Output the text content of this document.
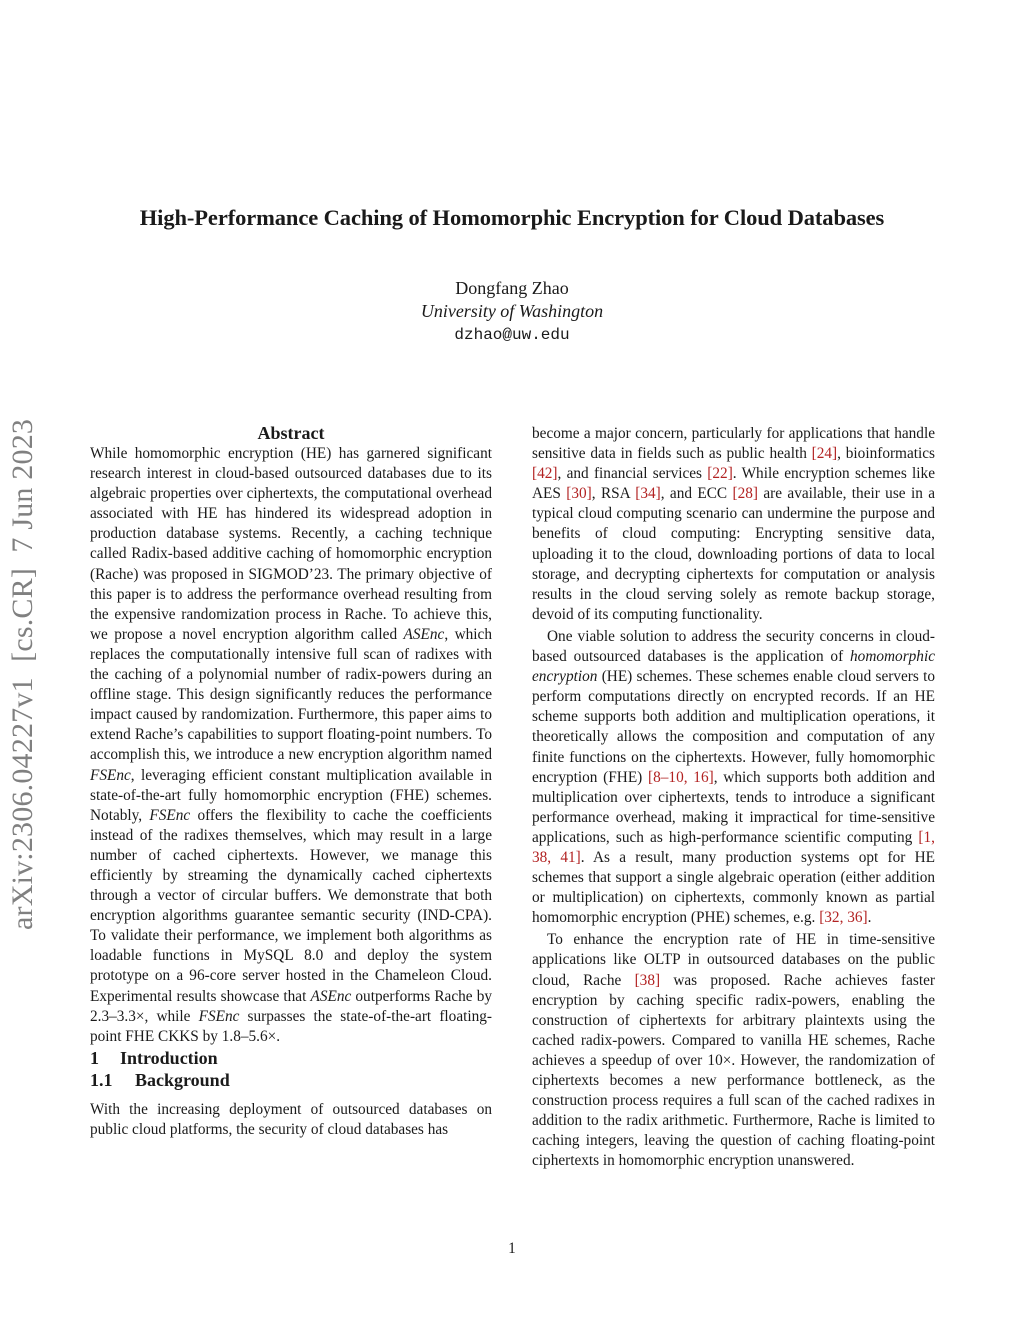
High-Performance Caching of Homomorphic Encryption for Cloud Databases
Dongfang Zhao
University of Washington
dzhao@uw.edu
arXiv:2306.04227v1  [cs.CR]  7 Jun 2023	Abstract

While homomorphic encryption (HE) has garnered significant research interest in cloud-based outsourced databases due to its algebraic properties over ciphertexts, the computational overhead associated with HE has hindered its widespread adoption in production database systems. Recently, a caching technique called Radix-based additive caching of homomorphic encryption (Rache) was proposed in SIGMOD’23. The primary objective of this paper is to address the performance overhead resulting from the expensive randomization process in Rache. To achieve this, we propose a novel encryption algorithm called ASEnc, which replaces the computationally intensive full scan of radixes with the caching of a polynomial number of radix-powers during an offline stage. This design significantly reduces the performance impact caused by randomization. Furthermore, this paper aims to extend Rache’s capabilities to support floating-point numbers. To accomplish this, we introduce a new encryption algorithm named FSEnc, leveraging efficient constant multiplication available in state-of-the-art fully homomorphic encryption (FHE) schemes. Notably, FSEnc offers the flexibility to cache the coefficients instead of the radixes themselves, which may result in a large number of cached ciphertexts. However, we manage this efficiently by streaming the dynamically cached ciphertexts through a vector of circular buffers. We demonstrate that both encryption algorithms guarantee semantic security (IND-CPA). To validate their performance, we implement both algorithms as loadable functions in MySQL 8.0 and deploy the system prototype on a 96-core server hosted in the Chameleon Cloud. Experimental results showcase that ASEnc outperforms Rache by 2.3–3.3×, while FSEnc surpasses the state-of-the-art floating-point FHE CKKS by 1.8–5.6×.

1 Introduction

1.1 Background

With the increasing deployment of outsourced databases on public cloud platforms, the security of cloud databases has

become a major concern, particularly for applications that handle sensitive data in fields such as public health [24], bioinformatics [42], and financial services [22]. While encryption schemes like AES [30], RSA [34], and ECC [28] are available, their use in a typical cloud computing scenario can undermine the purpose and benefits of cloud computing: Encrypting sensitive data, uploading it to the cloud, downloading portions of data to local storage, and decrypting ciphertexts for computation or analysis results in the cloud serving solely as remote backup storage, devoid of its computing functionality.

One viable solution to address the security concerns in cloud-based outsourced databases is the application of homomorphic encryption (HE) schemes. These schemes enable cloud servers to perform computations directly on encrypted records. If an HE scheme supports both addition and multiplication operations, it theoretically allows the composition and computation of any finite functions on the ciphertexts. However, fully homomorphic encryption (FHE) [8–10, 16], which supports both addition and multiplication over ciphertexts, tends to introduce a significant performance overhead, making it impractical for time-sensitive applications, such as high-performance scientific computing [1, 38, 41]. As a result, many production systems opt for HE schemes that support a single algebraic operation (either addition or multiplication) on ciphertexts, commonly known as partial homomorphic encryption (PHE) schemes, e.g. [32, 36].

To enhance the encryption rate of HE in time-sensitive applications like OLTP in outsourced databases on the public cloud, Rache [38] was proposed. Rache achieves faster encryption by caching specific radix-powers, enabling the construction of ciphertexts for arbitrary plaintexts using the cached radix-powers. Compared to vanilla HE schemes, Rache achieves a speedup of over 10×. However, the randomization of ciphertexts becomes a new performance bottleneck, as the construction process requires a full scan of the cached radixes in addition to the radix arithmetic. Furthermore, Rache is limited to caching integers, leaving the question of caching floating-point ciphertexts in homomorphic encryption unanswered.

1
